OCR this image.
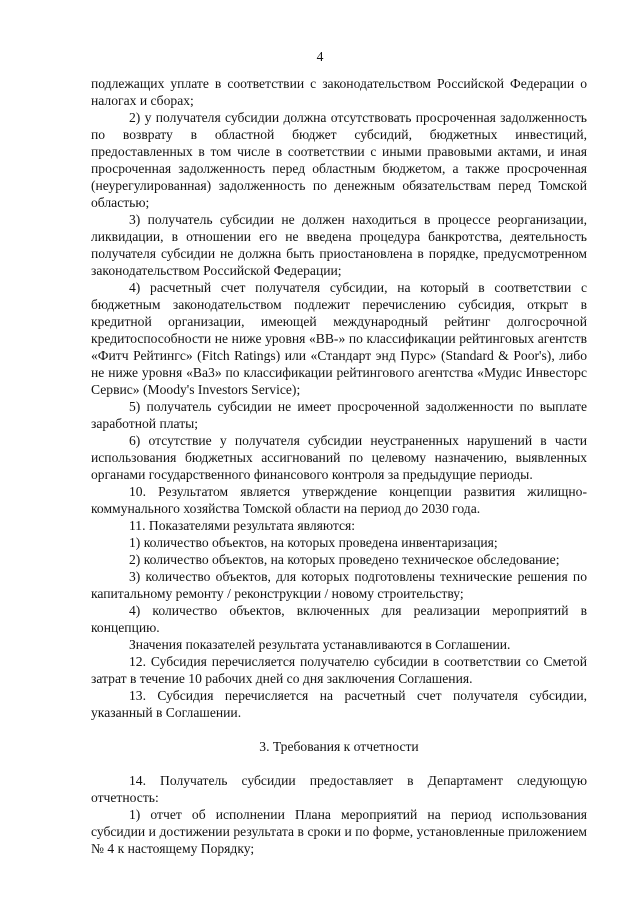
4

подлежащих уплате в соответствии с законодательством Российской Федерации о налогах и сборах;

2) у получателя субсидии должна отсутствовать просроченная задолженность по возврату в областной бюджет субсидий, бюджетных инвестиций, предоставленных в том числе в соответствии с иными правовыми актами, и иная просроченная задолженность перед областным бюджетом, а также просроченная (неурегулированная) задолженность по денежным обязательствам перед Томской областью;

3) получатель субсидии не должен находиться в процессе реорганизации, ликвидации, в отношении его не введена процедура банкротства, деятельность получателя субсидии не должна быть приостановлена в порядке, предусмотренном законодательством Российской Федерации;

4) расчетный счет получателя субсидии, на который в соответствии с бюджетным законодательством подлежит перечислению субсидия, открыт в кредитной организации, имеющей международный рейтинг долгосрочной кредитоспособности не ниже уровня «ВВ-» по классификации рейтинговых агентств «Фитч Рейтингс» (Fitch Ratings) или «Стандарт энд Пурс» (Standard & Poor's), либо не ниже уровня «Ва3» по классификации рейтингового агентства «Мудис Инвесторс Сервис» (Moody's Investors Service);

5) получатель субсидии не имеет просроченной задолженности по выплате заработной платы;

6) отсутствие у получателя субсидии неустраненных нарушений в части использования бюджетных ассигнований по целевому назначению, выявленных органами государственного финансового контроля за предыдущие периоды.

10. Результатом является утверждение концепции развития жилищно-коммунального хозяйства Томской области на период до 2030 года.

11. Показателями результата являются:

1) количество объектов, на которых проведена инвентаризация;

2) количество объектов, на которых проведено техническое обследование;

3) количество объектов, для которых подготовлены технические решения по капитальному ремонту / реконструкции / новому строительству;

4) количество объектов, включенных для реализации мероприятий в концепцию.

Значения показателей результата устанавливаются в Соглашении.

12. Субсидия перечисляется получателю субсидии в соответствии со Сметой затрат в течение 10 рабочих дней со дня заключения Соглашения.

13. Субсидия перечисляется на расчетный счет получателя субсидии, указанный в Соглашении.

3. Требования к отчетности

14. Получатель субсидии предоставляет в Департамент следующую отчетность:

1) отчет об исполнении Плана мероприятий на период использования субсидии и достижении результата в сроки и по форме, установленные приложением № 4 к настоящему Порядку;
